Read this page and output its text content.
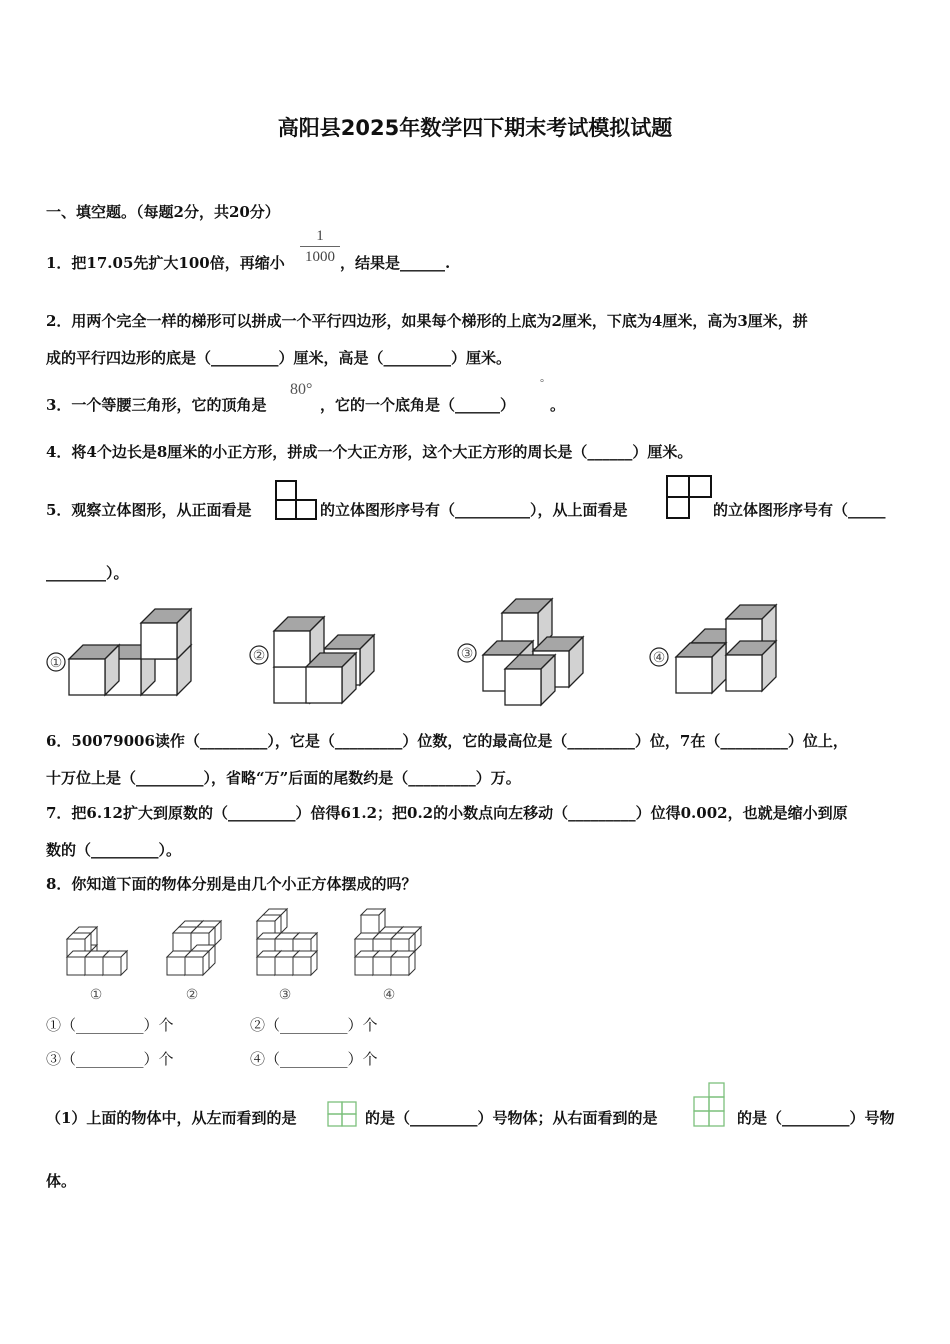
高阳县2025年数学四下期末考试模拟试题
一、填空题。（每题2分，共20分）
1．把17.05先扩大100倍，再缩小
1
1000 ，结果是______.
2．用两个完全一样的梯形可以拼成一个平行四边形，如果每个梯形的上底为2厘米，下底为4厘米，高为3厘米，拼
成的平行四边形的底是（_________）厘米，高是（_________）厘米。
3．一个等腰三角形，它的顶角是
80°
，它的一个底角是（______）
°
。
4．将4个边长是8厘米的小正方形，拼成一个大正方形，这个大正方形的周长是（______）厘米。
5．观察立体图形，从正面看是	的立体图形序号有（__________），从上面看是	的立体图形序号有（_____
________）。
①	②	③	④
6．50079006读作（_________），它是（_________）位数，它的最高位是（_________）位，7在（_________）位上，
十万位上是（_________），省略“万”后面的尾数约是（_________）万。
7．把6.12扩大到原数的（_________）倍得61.2；把0.2的小数点向左移动（_________）位得0.002，也就是缩小到原
数的（_________）。
8．你知道下面的物体分别是由几个小正方体摆成的吗？
①	②	③	④
①（_________）个	②（_________）个
③（_________）个	④（_________）个
（1）上面的物体中，从左而看到的是	的是（_________）号物体；从右面看到的是	的是（_________）号物
体。
